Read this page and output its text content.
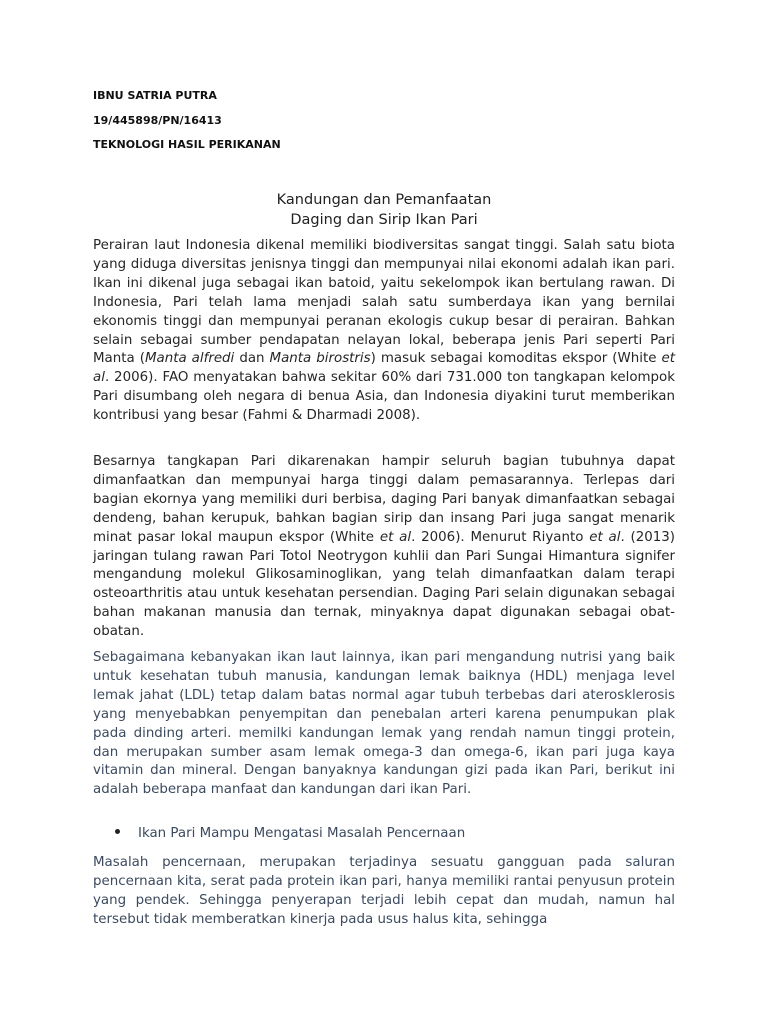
IBNU SATRIA PUTRA
19/445898/PN/16413
TEKNOLOGI HASIL PERIKANAN
Kandungan dan Pemanfaatan
Daging dan Sirip Ikan Pari

Perairan laut Indonesia dikenal memiliki biodiversitas sangat tinggi. Salah satu biota yang diduga diversitas jenisnya tinggi dan mempunyai nilai ekonomi adalah ikan pari. Ikan ini dikenal juga sebagai ikan batoid, yaitu sekelompok ikan bertulang rawan. Di Indonesia, Pari telah lama menjadi salah satu sumberdaya ikan yang bernilai ekonomis tinggi dan mempunyai peranan ekologis cukup besar di perairan. Bahkan selain sebagai sumber pendapatan nelayan lokal, beberapa jenis Pari seperti Pari Manta (Manta alfredi dan Manta birostris) masuk sebagai komoditas ekspor (White et al. 2006). FAO menyatakan bahwa sekitar 60% dari 731.000 ton tangkapan kelompok Pari disumbang oleh negara di benua Asia, dan Indonesia diyakini turut memberikan kontribusi yang besar (Fahmi & Dharmadi 2008).

Besarnya tangkapan Pari dikarenakan hampir seluruh bagian tubuhnya dapat dimanfaatkan dan mempunyai harga tinggi dalam pemasarannya. Terlepas dari bagian ekornya yang memiliki duri berbisa, daging Pari banyak dimanfaatkan sebagai dendeng, bahan kerupuk, bahkan bagian sirip dan insang Pari juga sangat menarik minat pasar lokal maupun ekspor (White et al. 2006). Menurut Riyanto et al. (2013) jaringan tulang rawan Pari Totol Neotrygon kuhlii dan Pari Sungai Himantura signifer mengandung molekul Glikosaminoglikan, yang telah dimanfaatkan dalam terapi osteoarthritis atau untuk kesehatan persendian. Daging Pari selain digunakan sebagai bahan makanan manusia dan ternak, minyaknya dapat digunakan sebagai obat-obatan.

Sebagaimana kebanyakan ikan laut lainnya, ikan pari mengandung nutrisi yang baik untuk kesehatan tubuh manusia, kandungan lemak baiknya (HDL) menjaga level lemak jahat (LDL) tetap dalam batas normal agar tubuh terbebas dari aterosklerosis yang menyebabkan penyempitan dan penebalan arteri karena penumpukan plak pada dinding arteri. memilki kandungan lemak yang rendah namun tinggi protein, dan merupakan sumber asam lemak omega-3 dan omega-6, ikan pari juga kaya vitamin dan mineral. Dengan banyaknya kandungan gizi pada ikan Pari, berikut ini adalah beberapa manfaat dan kandungan dari ikan Pari.

Ikan Pari Mampu Mengatasi Masalah Pencernaan

Masalah pencernaan, merupakan terjadinya sesuatu gangguan pada saluran pencernaan kita, serat pada protein ikan pari, hanya memiliki rantai penyusun protein yang pendek. Sehingga penyerapan terjadi lebih cepat dan mudah, namun hal tersebut tidak memberatkan kinerja pada usus halus kita, sehingga
